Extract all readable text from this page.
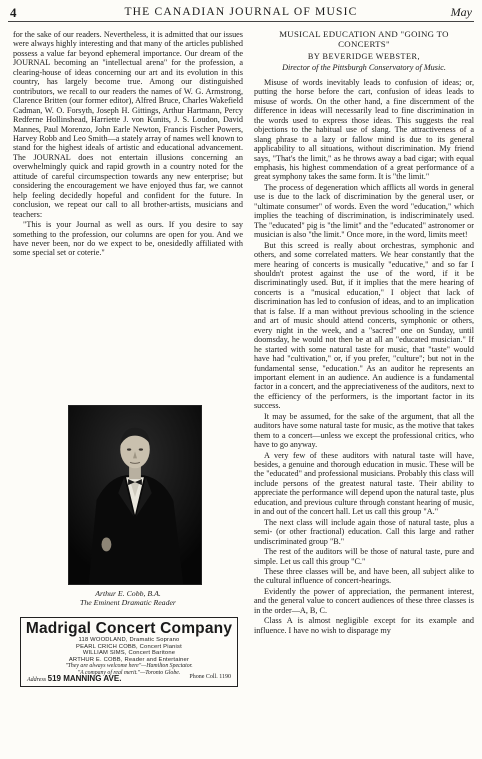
4	THE CANADIAN JOURNAL OF MUSIC	May

for the sake of our readers. Nevertheless, it is admitted that our issues were always highly interesting and that many of the articles published possess a value far beyond ephemeral importance. Our dream of the JOURNAL becoming an "intellectual arena" for the profession, a clearing-house of ideas concerning our art and its evolution in this country, has largely become true. Among our distinguished contributors, we recall to our readers the names of W. G. Armstrong, Clarence Britten (our former editor), Alfred Bruce, Charles Wakefield Cadman, W. O. Forsyth, Joseph H. Gittings, Arthur Hartmann, Percy Redferne Hollinshead, Harriette J. von Kunits, J. S. Loudon, David Mannes, Paul Morenzo, John Earle Newton, Francis Fischer Powers, Harvey Robb and Leo Smith—a stately array of names well known to stand for the highest ideals of artistic and educational advancement. The JOURNAL does not entertain illusions concerning an overwhelmingly quick and rapid growth in a country noted for the attitude of careful circumspection towards any new enterprise; but considering the encouragement we have enjoyed thus far, we cannot help feeling decidedly hopeful and confident for the future. In conclusion, we repeat our call to all brother-artists, musicians and teachers:

"This is your Journal as well as ours. If you desire to say something to the profession, our columns are open for you. And we have never been, nor do we expect to be, onesidedly affiliated with some special set or coterie."

Arthur E. Cobb, B.A.
The Eminent Dramatic Reader
Madrigal Concert Company
118 WOODLAND, Dramatic Soprano
PEARL CRICH COBB, Concert Pianist
WILLIAM SIMS, Concert Baritone
ARTHUR E. COBB, Reader and Entertainer
"They are always welcome here"—Hamilton Spectator.
"A company of real merit."—Toronto Globe.
Address 519 MANNING AVE.	Phone Coll. 1190
MUSICAL EDUCATION AND "GOING TO CONCERTS"
BY BEVERIDGE WEBSTER,
Director of the Pittsburgh Conservatory of Music.

Misuse of words inevitably leads to confusion of ideas; or, putting the horse before the cart, confusion of ideas leads to misuse of words. On the other hand, a fine discernment of the difference in ideas will necessarily lead to fine discrimination in the words used to express those ideas. This suggests the real objections to the habitual use of slang. The attractiveness of a slang phrase to a lazy or fallow mind is due to its general applicability to all situations, without discrimination. My friend says, "That's the limit," as he throws away a bad cigar; with equal emphasis, his highest commendation of a great performance of a great symphony takes the same form. It is "the limit."

The process of degeneration which afflicts all words in general use is due to the lack of discrimination by the general user, or "ultimate consumer" of words. Even the word "education," which implies the teaching of discrimination, is indiscriminately used. The "educated" pig is "the limit" and the "educated" astronomer or musician is also "the limit." Once more, in the word, limits meet!

But this screed is really about orchestras, symphonic and others, and some correlated matters. We hear constantly that the mere hearing of concerts is musically "educative," and so far I shouldn't protest against the use of the word, if it be discriminatingly used. But, if it implies that the mere hearing of concerts is a "musical education," I object that lack of discrimination has led to confusion of ideas, and to an implication that is false. If a man without previous schooling in the science and art of music should attend concerts, symphonic or others, every night in the week, and a "sacred" one on Sunday, until doomsday, he would not then be at all an "educated musician." If he started with some natural taste for music, that "taste" would have had "cultivation," or, if you prefer, "culture"; but not in the fundamental sense, "education." As an auditor he represents an important element in an audience. An audience is a fundamental factor in a concert, and the appreciativeness of the auditors, next to the efficiency of the performers, is the important factor in its success.

It may be assumed, for the sake of the argument, that all the auditors have some natural taste for music, as the motive that takes them to a concert—unless we except the professional critics, who have to go anyway.

A very few of these auditors with natural taste will have, besides, a genuine and thorough education in music. These will be the "educated" and professional musicians. Probably this class will include persons of the greatest natural taste. Their ability to appreciate the performance will depend upon the natural taste, plus education, and previous culture through constant hearing of music, in and out of the concert hall. Let us call this group "A."

The next class will include again those of natural taste, plus a semi- (or other fractional) education. Call this large and rather undiscriminated group "B."

The rest of the auditors will be those of natural taste, pure and simple. Let us call this group "C."

These three classes will be, and have been, all subject alike to the cultural influence of concert-hearings.

Evidently the power of appreciation, the permanent interest, and the general value to concert audiences of these three classes is in the order—A, B, C.

Class A is almost negligible except for its example and influence. I have no wish to disparage my
